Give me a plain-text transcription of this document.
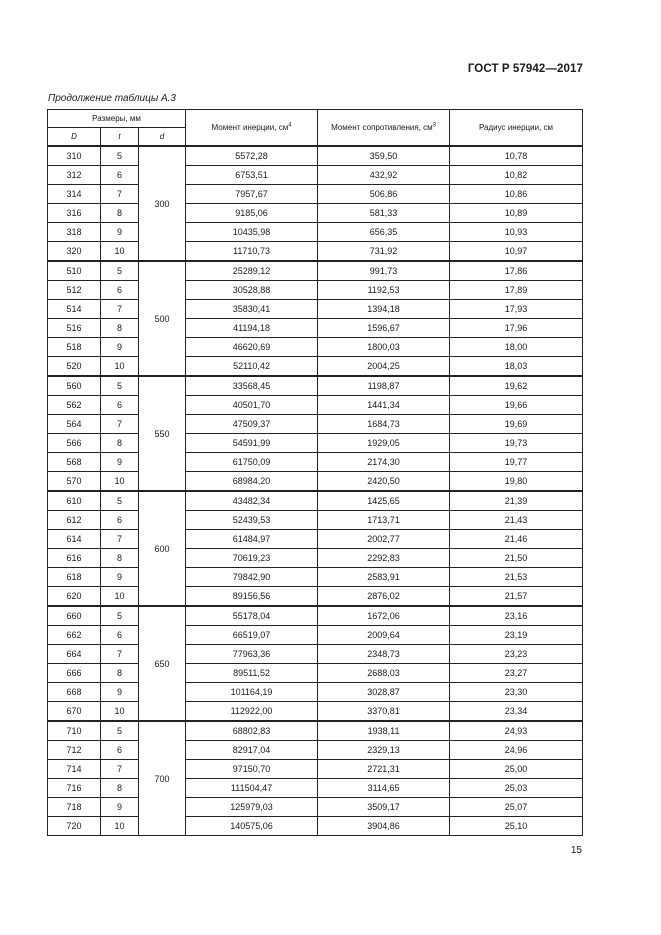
ГОСТ Р 57942—2017
Продолжение таблицы А.3
Размеры, мм			Момент инерции, $см^4$	Момент сопротивления, $см^3$	Радиус инерции, см
D	t	d			
310	5	300	5572,28	359,50	10,78
312	6		6753,51	432,92	10,82
314	7		7957,67	506,86	10,86
316	8		9185,06	581,33	10,89
318	9		10435,98	656,35	10,93
320	10		11710,73	731,92	10,97
510	5	500	25289,12	991,73	17,86
512	6		30528,88	1192,53	17,89
514	7		35830,41	1394,18	17,93
516	8		41194,18	1596,67	17,96
518	9		46620,69	1800,03	18,00
520	10		52110,42	2004,25	18,03
560	5	550	33568,45	1198,87	19,62
562	6		40501,70	1441,34	19,66
564	7		47509,37	1684,73	19,69
566	8		54591,99	1929,05	19,73
568	9		61750,09	2174,30	19,77
570	10		68984,20	2420,50	19,80
610	5	600	43482,34	1425,65	21,39
612	6		52439,53	1713,71	21,43
614	7		61484,97	2002,77	21,46
616	8		70619,23	2292,83	21,50
618	9		79842,90	2583,91	21,53
620	10		89156,56	2876,02	21,57
660	5	650	55178,04	1672,06	23,16
662	6		66519,07	2009,64	23,19
664	7		77963,36	2348,73	23,23
666	8		89511,52	2688,03	23,27
668	9		101164,19	3028,87	23,30
670	10		112922,00	3370,81	23,34
710	5	700	68802,83	1938,11	24,93
712	6		82917,04	2329,13	24,96
714	7		97150,70	2721,31	25,00
716	8		111504,47	3114,65	25,03
718	9		125979,03	3509,17	25,07
720	10		140575,06	3904,86	25,10
15
